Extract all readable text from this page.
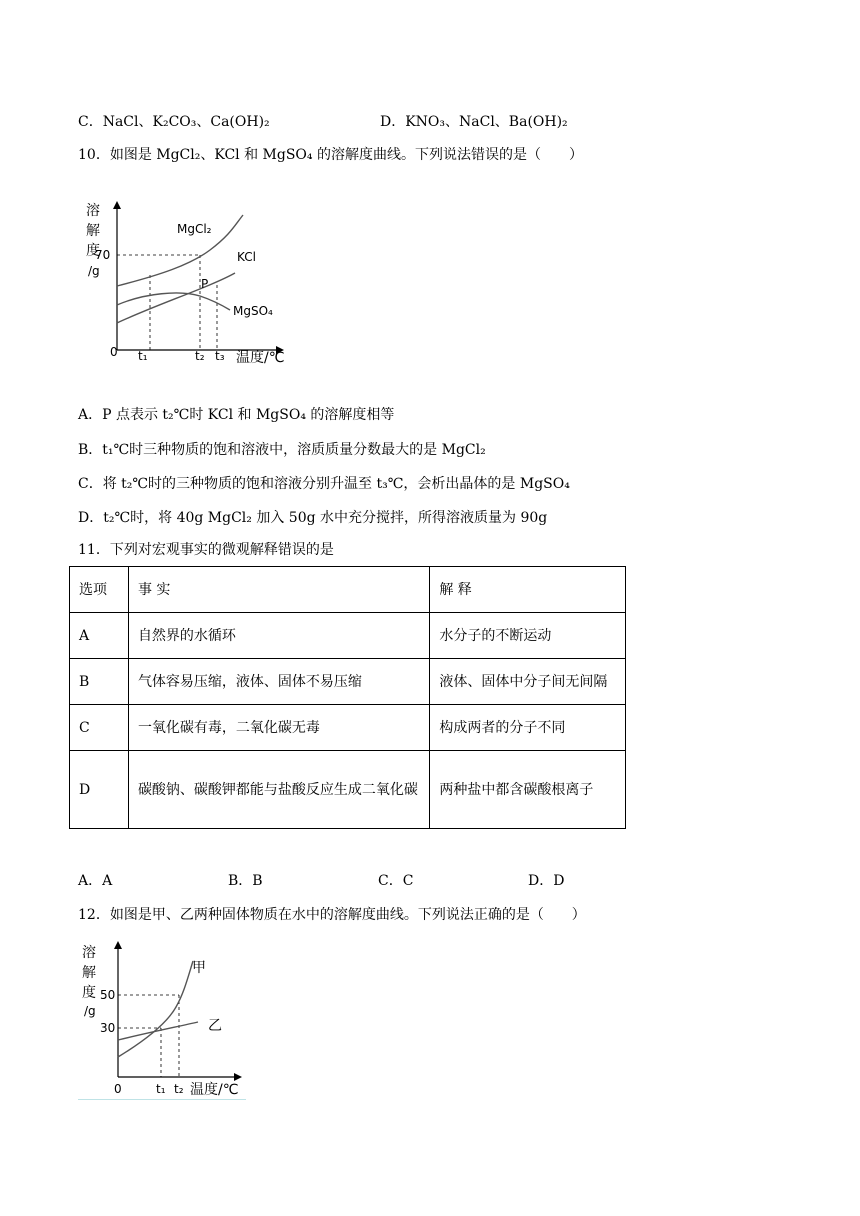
C．NaCl、K₂CO₃、Ca(OH)₂	D．KNO₃、NaCl、Ba(OH)₂
10．如图是 MgCl₂、KCl 和 MgSO₄ 的溶解度曲线。下列说法错误的是（　　）
溶
解
度
/g
70
0 t₁	t₂ t₃ 温度/℃
MgCl₂
KCl
MgSO₄
P
A．P 点表示 t₂℃时 KCl 和 MgSO₄ 的溶解度相等
B．t₁℃时三种物质的饱和溶液中，溶质质量分数最大的是 MgCl₂
C．将 t₂℃时的三种物质的饱和溶液分别升温至 t₃℃，会析出晶体的是 MgSO₄
D．t₂℃时，将 40g MgCl₂ 加入 50g 水中充分搅拌，所得溶液质量为 90g
11．下列对宏观事实的微观解释错误的是
选项	事 实	解 释
A	自然界的水循环	水分子的不断运动
B	气体容易压缩，液体、固体不易压缩	液体、固体中分子间无间隔
C	一氧化碳有毒，二氧化碳无毒	构成两者的分子不同
D	碳酸钠、碳酸钾都能与盐酸反应生成二氧化碳	两种盐中都含碳酸根离子
A．A	B．B	C．C	D．D
12．如图是甲、乙两种固体物质在水中的溶解度曲线。下列说法正确的是（　　）
溶
解
度
/g
50
30
0	t₁ t₂ 温度/℃
甲
乙
